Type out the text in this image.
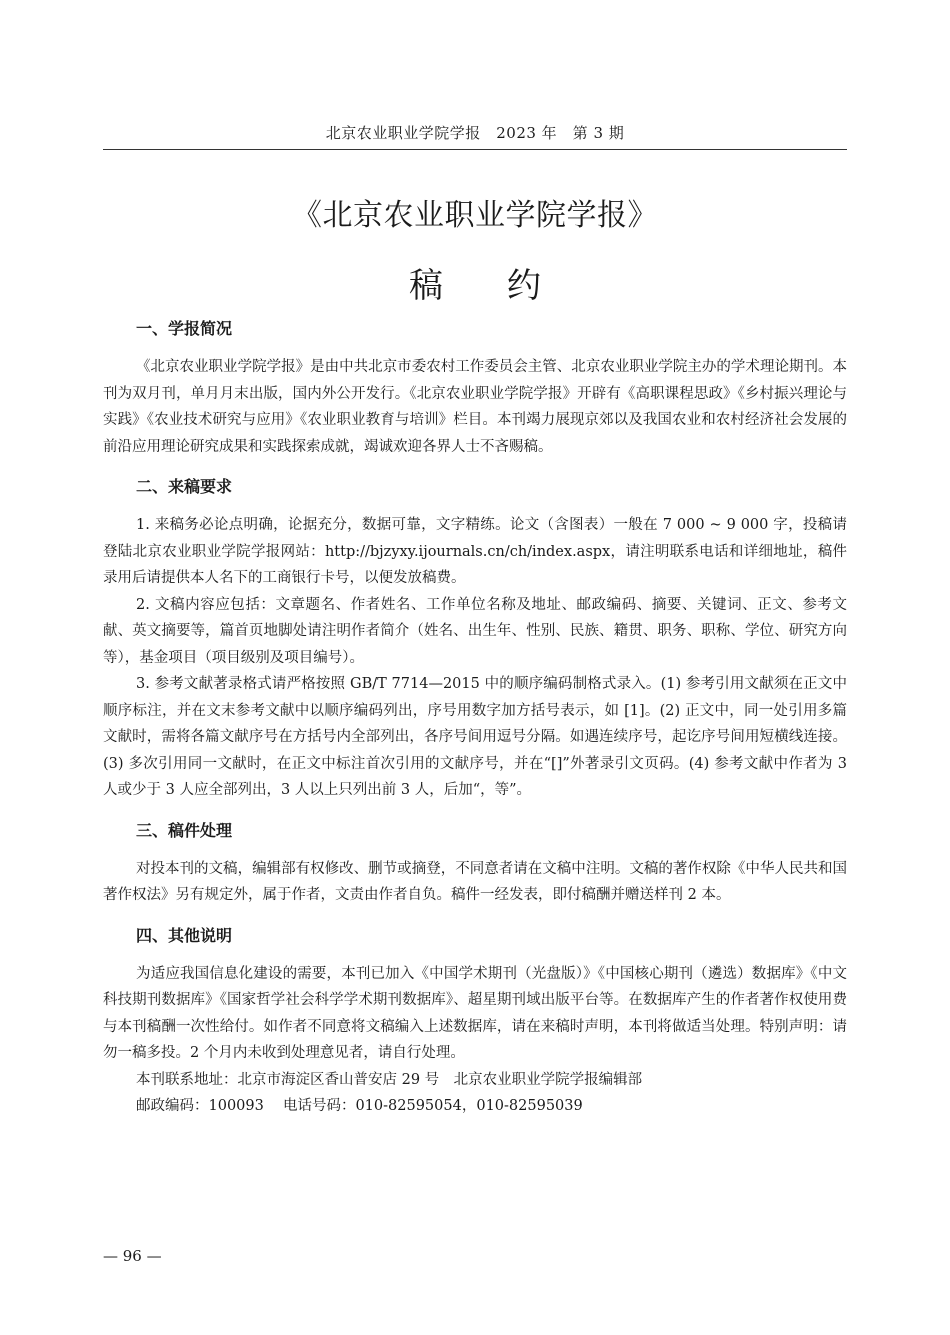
北京农业职业学院学报　2023 年　第 3 期
《北京农业职业学院学报》
稿约
一、学报简况

《北京农业职业学院学报》是由中共北京市委农村工作委员会主管、北京农业职业学院主办的学术理论期刊。本刊为双月刊，单月月末出版，国内外公开发行。《北京农业职业学院学报》开辟有《高职课程思政》《乡村振兴理论与实践》《农业技术研究与应用》《农业职业教育与培训》栏目。本刊竭力展现京郊以及我国农业和农村经济社会发展的前沿应用理论研究成果和实践探索成就，竭诚欢迎各界人士不吝赐稿。

二、来稿要求

1. 来稿务必论点明确，论据充分，数据可靠，文字精练。论文（含图表）一般在 7 000 ~ 9 000 字，投稿请登陆北京农业职业学院学报网站：http://bjzyxy.ijournals.cn/ch/index.aspx，请注明联系电话和详细地址，稿件录用后请提供本人名下的工商银行卡号，以便发放稿费。

2. 文稿内容应包括：文章题名、作者姓名、工作单位名称及地址、邮政编码、摘要、关键词、正文、参考文献、英文摘要等，篇首页地脚处请注明作者简介（姓名、出生年、性别、民族、籍贯、职务、职称、学位、研究方向等），基金项目（项目级别及项目编号）。

3. 参考文献著录格式请严格按照 GB/T 7714—2015 中的顺序编码制格式录入。(1) 参考引用文献须在正文中顺序标注，并在文末参考文献中以顺序编码列出，序号用数字加方括号表示，如 [1]。(2) 正文中，同一处引用多篇文献时，需将各篇文献序号在方括号内全部列出，各序号间用逗号分隔。如遇连续序号，起讫序号间用短横线连接。(3) 多次引用同一文献时，在正文中标注首次引用的文献序号，并在“[]”外著录引文页码。(4) 参考文献中作者为 3 人或少于 3 人应全部列出，3 人以上只列出前 3 人，后加“，等”。

三、稿件处理

对投本刊的文稿，编辑部有权修改、删节或摘登，不同意者请在文稿中注明。文稿的著作权除《中华人民共和国著作权法》另有规定外，属于作者，文责由作者自负。稿件一经发表，即付稿酬并赠送样刊 2 本。

四、其他说明

为适应我国信息化建设的需要，本刊已加入《中国学术期刊（光盘版）》《中国核心期刊（遴选）数据库》《中文科技期刊数据库》《国家哲学社会科学学术期刊数据库》、超星期刊域出版平台等。在数据库产生的作者著作权使用费与本刊稿酬一次性给付。如作者不同意将文稿编入上述数据库，请在来稿时声明，本刊将做适当处理。特别声明：请勿一稿多投。2 个月内未收到处理意见者，请自行处理。

本刊联系地址：北京市海淀区香山普安店 29 号　北京农业职业学院学报编辑部

邮政编码：100093　 电话号码：010-82595054，010-82595039

— 96 —
